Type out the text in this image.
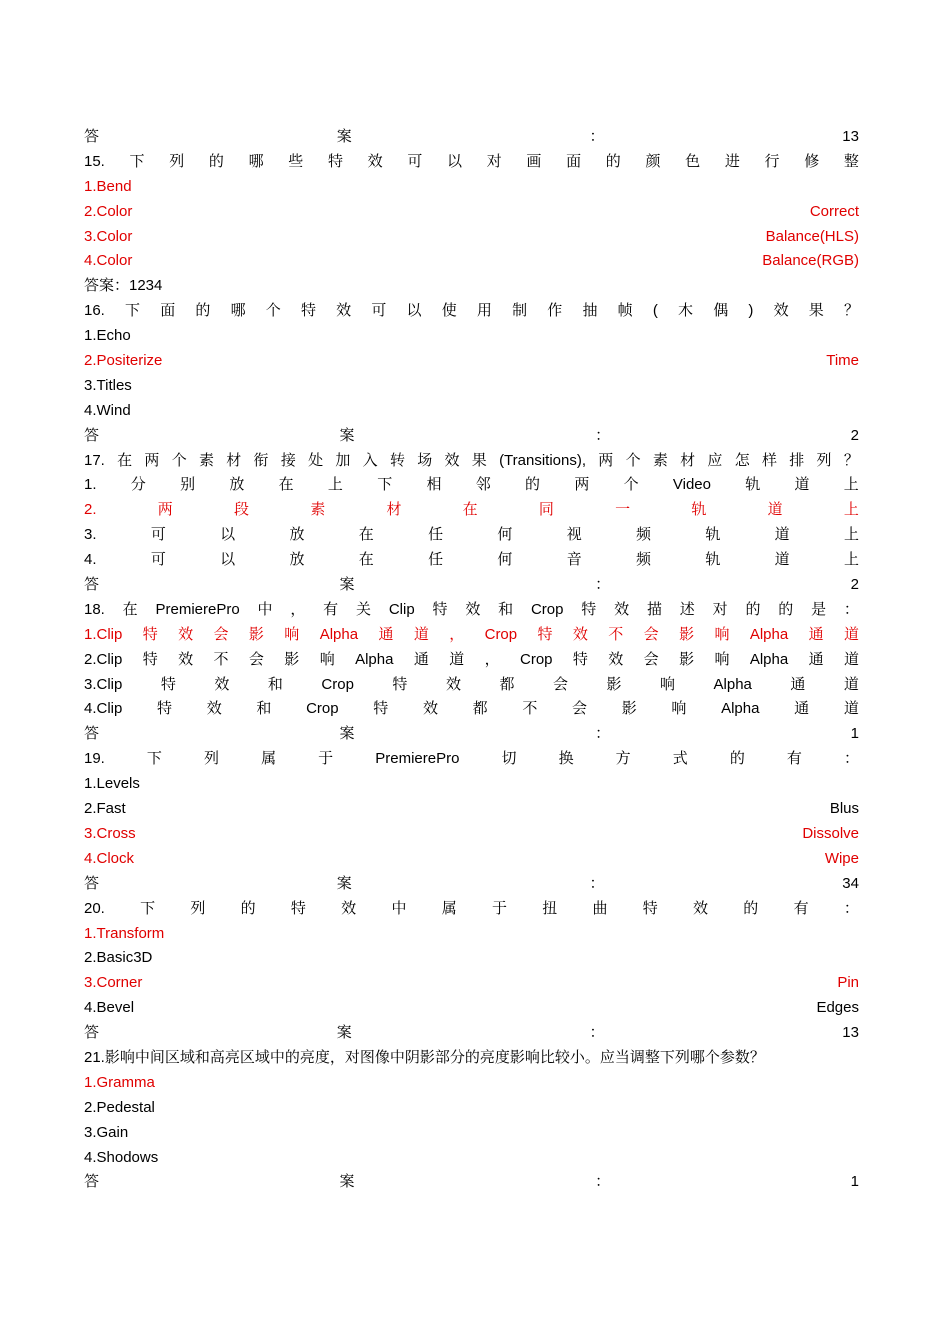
答	案	：	13
15. 下 列 的 哪 些 特 效 可 以 对 画 面 的 颜 色 进 行 修 整
1.Bend
2.Color	Correct
3.Color	Balance(HLS)
4.Color	Balance(RGB)
答案：1234
16. 下 面 的 哪 个 特 效 可 以 使 用 制 作 抽 帧 ( 木 偶 ) 效 果 ？
1.Echo
2.Positerize	Time
3.Titles
4.Wind
答	案	：	2
17. 在 两 个 素 材 衔 接 处 加 入 转 场 效 果 (Transitions), 两 个 素 材 应 怎 样 排 列 ？
1. 分 别 放 在 上 下 相 邻 的 两 个 Video 轨 道 上
2.	两	段	素	材	在	同	一	轨	道	上
3.	可	以	放	在	任	何	视	频	轨	道	上
4.	可	以	放	在	任	何	音	频	轨	道	上
答	案	：	2
18. 在 PremierePro 中 ， 有 关 Clip 特 效 和 Crop 特 效 描 述 对 的 的 是 ：
1.Clip 特 效 会 影 响 Alpha 通 道 ， Crop 特 效 不 会 影 响 Alpha 通 道
2.Clip 特 效 不 会 影 响 Alpha 通 道 ， Crop 特 效 会 影 响 Alpha 通 道
3.Clip	特	效	和	Crop	特	效	都	会	影	响	Alpha	通	道
4.Clip 特 效 和 Crop 特 效 都 不 会 影 响 Alpha 通 道
答	案	：	1
19.	下	列	属	于	PremierePro	切	换	方	式	的	有	：
1.Levels
2.Fast	Blus
3.Cross	Dissolve
4.Clock	Wipe
答	案	：	34
20. 下 列 的 特 效 中 属 于 扭 曲 特 效 的 有 ：
1.Transform
2.Basic3D
3.Corner	Pin
4.Bevel	Edges
答	案	：	13
21.影响中间区域和高亮区域中的亮度，对图像中阴影部分的亮度影响比较小。应当调整下列哪个参数？
1.Gramma
2.Pedestal
3.Gain
4.Shodows
答	案	：	1
